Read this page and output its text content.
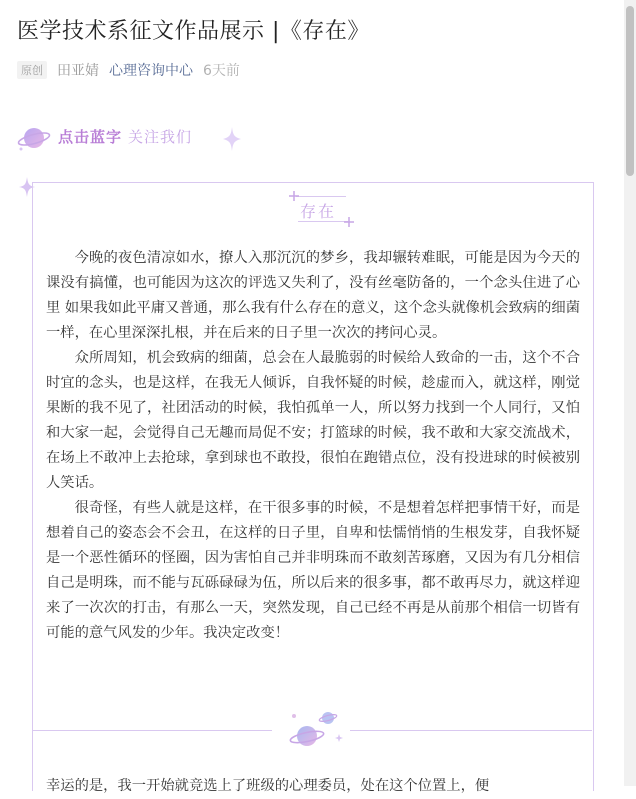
医学技术系征文作品展示 |《存在》
原创 田亚婧 心理咨询中心 6天前
点击蓝字 关注我们
存在

今晚的夜色清凉如水，撩人入那沉沉的梦乡，我却辗转难眠，可能是因为今天的课没有搞懂，也可能因为这次的评选又失利了，没有丝毫防备的，一个念头住进了心里 如果我如此平庸又普通，那么我有什么存在的意义，这个念头就像机会致病的细菌一样，在心里深深扎根，并在后来的日子里一次次的拷问心灵。

众所周知，机会致病的细菌，总会在人最脆弱的时候给人致命的一击，这个不合时宜的念头，也是这样，在我无人倾诉，自我怀疑的时候，趁虚而入，就这样，刚觉果断的我不见了，社团活动的时候，我怕孤单一人，所以努力找到一个人同行，又怕和大家一起，会觉得自己无趣而局促不安；打篮球的时候，我不敢和大家交流战术，在场上不敢冲上去抢球，拿到球也不敢投，很怕在跑错点位，没有投进球的时候被别人笑话。

很奇怪，有些人就是这样，在干很多事的时候，不是想着怎样把事情干好，而是想着自己的姿态会不会丑，在这样的日子里，自卑和怯懦悄悄的生根发芽，自我怀疑是一个恶性循环的怪圈，因为害怕自己并非明珠而不敢刻苦琢磨，又因为有几分相信自己是明珠，而不能与瓦砾碌碌为伍，所以后来的很多事，都不敢再尽力，就这样迎来了一次次的打击，有那么一天，突然发现，自己已经不再是从前那个相信一切皆有可能的意气风发的少年。我决定改变！

幸运的是，我一开始就竞选上了班级的心理委员，处在这个位置上，便
